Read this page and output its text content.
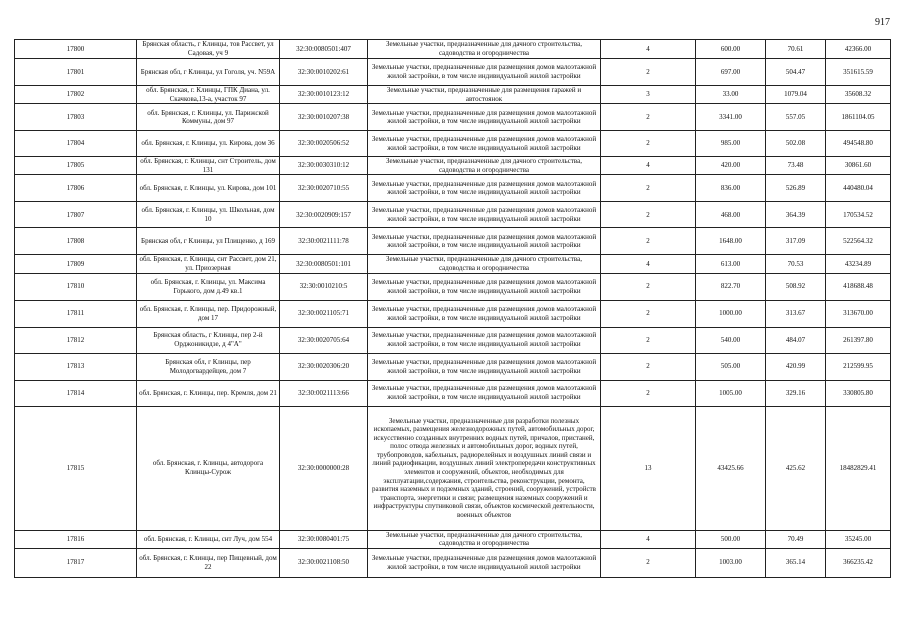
917
17800	Брянская область, г Клинцы, тов Рассвет, ул Садовая, уч 9	32:30:0080501:407	Земельные участки, предназначенные для дачного строительства, садоводства и огородничества	4	600.00	70.61	42366.00
17801	Брянская обл, г Клинцы, ул Гоголя, уч. N59А	32:30:0010202:61	Земельные участки, предназначенные для размещения домов малоэтажной жилой застройки, в том числе индивидуальной жилой застройки	2	697.00	504.47	351615.59
17802	обл. Брянская, г. Клинцы, ГПК Диана, ул. Скачкова,13-а, участок 97	32:30:0010123:12	Земельные участки, предназначенные для размещения гаражей и автостоянок	3	33.00	1079.04	35608.32
17803	обл. Брянская, г. Клинцы, ул. Парижской Коммуны, дом 97	32:30:0010207:38	Земельные участки, предназначенные для размещения домов малоэтажной жилой застройки, в том числе индивидуальной жилой застройки	2	3341.00	557.05	1861104.05
17804	обл. Брянская, г. Клинцы, ул. Кирова, дом 36	32:30:0020506:52	Земельные участки, предназначенные для размещения домов малоэтажной жилой застройки, в том числе индивидуальной жилой застройки	2	985.00	502.08	494548.80
17805	обл. Брянская, г. Клинцы, снт Строитель, дом 131	32:30:0030310:12	Земельные участки, предназначенные для дачного строительства, садоводства и огородничества	4	420.00	73.48	30861.60
17806	обл. Брянская, г. Клинцы, ул. Кирова, дом 101	32:30:0020710:55	Земельные участки, предназначенные для размещения домов малоэтажной жилой застройки, в том числе индивидуальной жилой застройки	2	836.00	526.89	440480.04
17807	обл. Брянская, г. Клинцы, ул. Школьная, дом 10	32:30:0020909:157	Земельные участки, предназначенные для размещения домов малоэтажной жилой застройки, в том числе индивидуальной жилой застройки	2	468.00	364.39	170534.52
17808	Брянская обл, г Клинцы, ул Плищенко, д 169	32:30:0021111:78	Земельные участки, предназначенные для размещения домов малоэтажной жилой застройки, в том числе индивидуальной жилой застройки	2	1648.00	317.09	522564.32
17809	обл. Брянская, г. Клинцы, снт Рассвет, дом 21, ул. Приозерная	32:30:0080501:101	Земельные участки, предназначенные для дачного строительства, садоводства и огородничества	4	613.00	70.53	43234.89
17810	обл. Брянская, г. Клинцы, ул. Максима Горького, дом д.49 кв.1	32:30:0010210:5	Земельные участки, предназначенные для размещения домов малоэтажной жилой застройки, в том числе индивидуальной жилой застройки	2	822.70	508.92	418688.48
17811	обл. Брянская, г. Клинцы, пер. Придорожный, дом 17	32:30:0021105:71	Земельные участки, предназначенные для размещения домов малоэтажной жилой застройки, в том числе индивидуальной жилой застройки	2	1000.00	313.67	313670.00
17812	Брянская область, г Клинцы, пер 2-й Орджоникидзе, д 4"А"	32:30:0020705:64	Земельные участки, предназначенные для размещения домов малоэтажной жилой застройки, в том числе индивидуальной жилой застройки	2	540.00	484.07	261397.80
17813	Брянская обл, г Клинцы, пер Молодогвардейцев, дом 7	32:30:0020306:20	Земельные участки, предназначенные для размещения домов малоэтажной жилой застройки, в том числе индивидуальной жилой застройки	2	505.00	420.99	212599.95
17814	обл. Брянская, г. Клинцы, пер. Кремля, дом 21	32:30:0021113:66	Земельные участки, предназначенные для размещения домов малоэтажной жилой застройки, в том числе индивидуальной жилой застройки	2	1005.00	329.16	330805.80
17815	обл. Брянская, г. Клинцы, автодорога Клинцы-Сурож	32:30:0000000:28	Земельные участки, предназначенные для разработки полезных ископаемых, размещения железнодорожных путей, автомобильных дорог, искусственно созданных внутренних водных путей, причалов, пристаней, полос отвода железных и автомобильных дорог, водных путей, трубопроводов, кабельных, радиорелейных и воздушных линий связи и линий радиофикации, воздушных линий электропередачи конструктивных элементов и сооружений, объектов, необходимых для эксплуатации,содержания, строительства, реконструкции, ремонта, развития наземных и подземных зданий, строений, сооружений, устройств транспорта, энергетики и связи; размещения наземных сооружений и инфраструктуры спутниковой связи, объектов космической деятельности, военных объектов	13	43425.66	425.62	18482829.41
17816	обл. Брянская, г. Клинцы, снт Луч, дом 554	32:30:0080401:75	Земельные участки, предназначенные для дачного строительства, садоводства и огородничества	4	500.00	70.49	35245.00
17817	обл. Брянская, г. Клинцы, пер Пищевный, дом 22	32:30:0021108:50	Земельные участки, предназначенные для размещения домов малоэтажной жилой застройки, в том числе индивидуальной жилой застройки	2	1003.00	365.14	366235.42
